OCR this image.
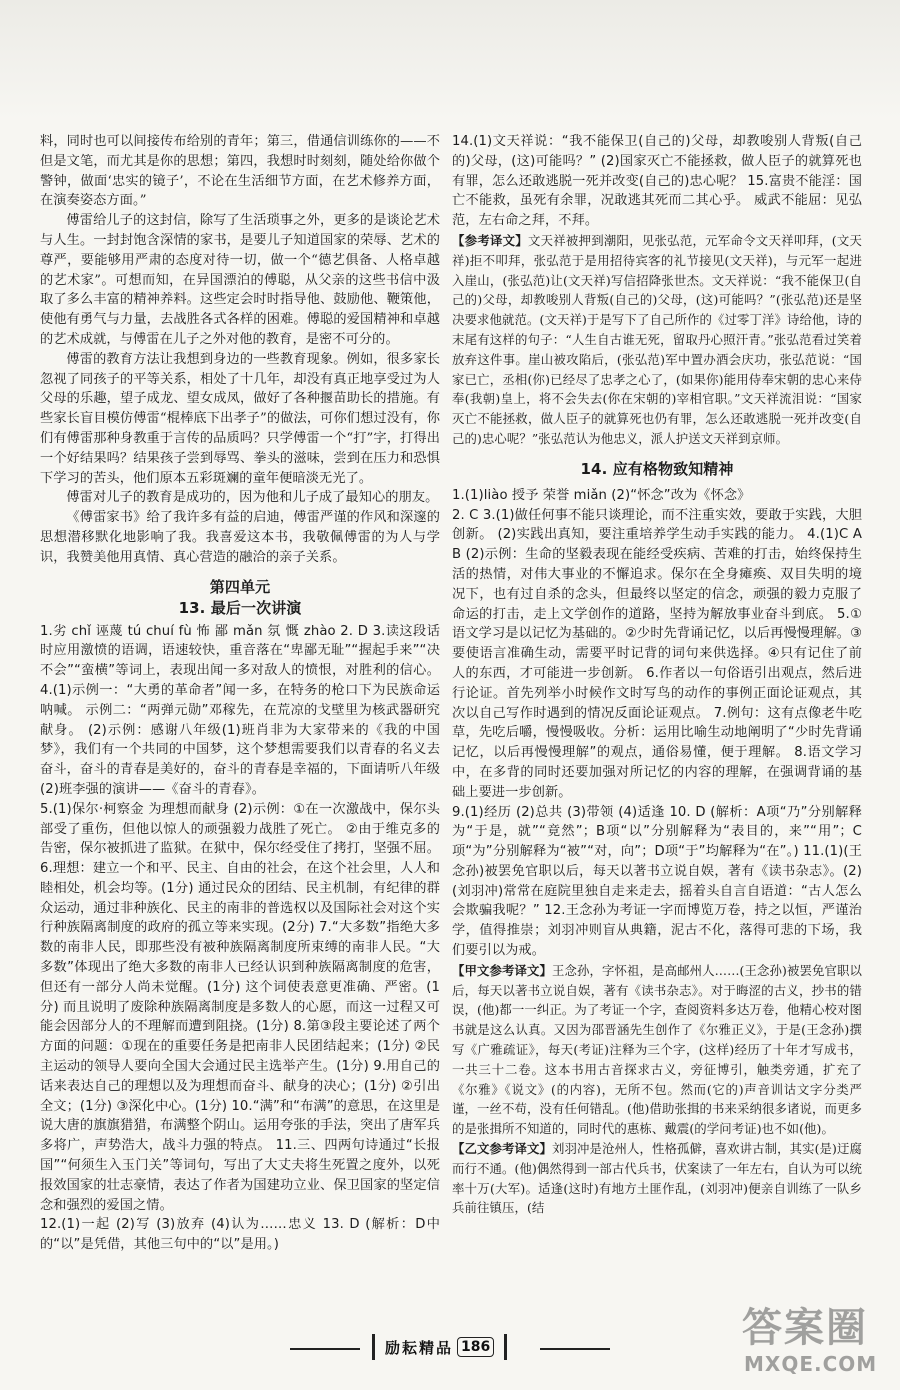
料，同时也可以间接传布给别的青年；第三，借通信训练你的——不但是文笔，而尤其是你的思想；第四，我想时时刻刻，随处给你做个警钟，做面‘忠实的镜子’，不论在生活细节方面，在艺术修养方面，在演奏姿态方面。”

傅雷给儿子的这封信，除写了生活琐事之外，更多的是谈论艺术与人生。一封封饱含深情的家书，是要儿子知道国家的荣辱、艺术的尊严，要能够用严肃的态度对待一切，做一个“德艺俱备、人格卓越的艺术家”。可想而知，在异国漂泊的傅聪，从父亲的这些书信中汲取了多么丰富的精神养料。这些定会时时指导他、鼓励他、鞭策他，使他有勇气与力量，去战胜各式各样的困难。傅聪的爱国精神和卓越的艺术成就，与傅雷在儿子之外对他的教育，是密不可分的。

傅雷的教育方法让我想到身边的一些教育现象。例如，很多家长忽视了同孩子的平等关系，相处了十几年，却没有真正地享受过为人父母的乐趣，望子成龙、望女成凤，做好了各种揠苗助长的措施。有些家长盲目模仿傅雷“棍棒底下出孝子”的做法，可你们想过没有，你们有傅雷那种身教重于言传的品质吗？只学傅雷一个“打”字，打得出一个好结果吗？结果孩子尝到辱骂、拳头的滋味，尝到在压力和恐惧下学习的苦头，他们原本五彩斑斓的童年便暗淡无光了。

傅雷对儿子的教育是成功的，因为他和儿子成了最知心的朋友。

《傅雷家书》给了我许多有益的启迪，傅雷严谨的作风和深邃的思想潜移默化地影响了我。我喜爱这本书，我敬佩傅雷的为人与学识，我赞美他用真情、真心营造的融洽的亲子关系。

第四单元
13. 最后一次讲演

1.劣 chǐ 诬蔑 tú chuí fù 怖 鄙 mǎn 氛 慨 zhào 2. D 3.读这段话时应用激愤的语调，语速较快，重音落在“卑鄙无耻”“握起手来”“决不会”“蛮横”等词上，表现出闻一多对敌人的愤恨，对胜利的信心。 4.(1)示例一：“大勇的革命者”闻一多，在特务的枪口下为民族命运呐喊。 示例二：“两弹元勋”邓稼先，在荒凉的戈壁里为核武器研究献身。 (2)示例：感谢八年级(1)班肖非为大家带来的《我的中国梦》，我们有一个共同的中国梦，这个梦想需要我们以青春的名义去奋斗，奋斗的青春是美好的，奋斗的青春是幸福的，下面请听八年级(2)班李强的演讲——《奋斗的青春》。

5.(1)保尔·柯察金 为理想而献身 (2)示例：①在一次激战中，保尔头部受了重伤，但他以惊人的顽强毅力战胜了死亡。 ②由于维克多的告密，保尔被抓进了监狱。在狱中，保尔经受住了拷打，坚强不屈。 6.理想：建立一个和平、民主、自由的社会，在这个社会里，人人和睦相处，机会均等。(1分) 通过民众的团结、民主机制，有纪律的群众运动，通过非种族化、民主的南非的普选权以及国际社会对这个实行种族隔离制度的政府的孤立等来实现。(2分) 7.“大多数”指绝大多数的南非人民，即那些没有被种族隔离制度所束缚的南非人民。“大多数”体现出了绝大多数的南非人已经认识到种族隔离制度的危害，但还有一部分人尚未觉醒。(1分) 这个词使表意更准确、严密。(1分) 而且说明了废除种族隔离制度是多数人的心愿，而这一过程又可能会因部分人的不理解而遭到阻挠。(1分) 8.第③段主要论述了两个方面的问题：①现在的重要任务是把南非人民团结起来；(1分) ②民主运动的领导人要向全国大会通过民主选举产生。(1分) 9.用自己的话来表达自己的理想以及为理想而奋斗、献身的决心；(1分) ②引出全文；(1分) ③深化中心。(1分) 10.“满”和“布满”的意思，在这里是说大唐的旗旗猎猎，布满整个阴山。运用夸张的手法，突出了唐军兵多将广，声势浩大，战斗力强的特点。 11.三、四两句诗通过“长报国”“何须生入玉门关”等词句，写出了大丈夫将生死置之度外，以死报效国家的壮志豪情，表达了作者为国建功立业、保卫国家的坚定信念和强烈的爱国之情。

12.(1)一起 (2)写 (3)放弃 (4)认为……忠义 13. D (解析：D中的“以”是凭借，其他三句中的“以”是用。)

14.(1)文天祥说：“我不能保卫(自己的)父母，却教唆别人背叛(自己的)父母，(这)可能吗？” (2)国家灭亡不能拯救，做人臣子的就算死也有罪，怎么还敢逃脱一死并改变(自己的)忠心呢？ 15.富贵不能淫：国亡不能救，虽死有余罪，况敢逃其死而二其心乎。 威武不能屈：见弘范，左右命之拜，不拜。

【参考译文】文天祥被押到潮阳，见张弘范，元军命令文天祥叩拜，(文天祥)拒不叩拜，张弘范于是用招待宾客的礼节接见(文天祥)，与元军一起进入崖山，(张弘范)让(文天祥)写信招降张世杰。文天祥说：“我不能保卫(自己的)父母，却教唆别人背叛(自己的)父母，(这)可能吗？”(张弘范)还是坚决要求他就范。(文天祥)于是写下了自己所作的《过零丁洋》诗给他，诗的末尾有这样的句子：“人生自古谁无死，留取丹心照汗青。”张弘范看过笑着放弃这件事。崖山被攻陷后，(张弘范)军中置办酒会庆功，张弘范说：“国家已亡，丞相(你)已经尽了忠孝之心了，(如果你)能用侍奉宋朝的忠心来侍奉(我朝)皇上，将不会失去(你在宋朝的)宰相官职。”文天祥流泪说：“国家灭亡不能拯救，做人臣子的就算死也仍有罪，怎么还敢逃脱一死并改变(自己的)忠心呢？”张弘范认为他忠义，派人护送文天祥到京师。

14. 应有格物致知精神

1.(1)liào 授予 荣誉 miǎn (2)“怀念”改为《怀念》

2. C 3.(1)做任何事不能只谈理论，而不注重实效，要敢于实践，大胆创新。 (2)实践出真知，要注重培养学生动手实践的能力。 4.(1)C A B (2)示例：生命的坚毅表现在能经受疾病、苦难的打击，始终保持生活的热情，对伟大事业的不懈追求。保尔在全身瘫痪、双目失明的境况下，也有过自杀的念头，但最终以坚定的信念，顽强的毅力克服了命运的打击，走上文学创作的道路，坚持为解放事业奋斗到底。 5.①语文学习是以记忆为基础的。②少时先背诵记忆，以后再慢慢理解。③要使语言准确生动，需要平时记背的词句来供选择。④只有记住了前人的东西，才可能进一步创新。 6.作者以一句俗语引出观点，然后进行论证。首先列举小时候作文时写鸟的动作的事例正面论证观点，其次以自己写作时遇到的情况反面论证观点。 7.例句：这有点像老牛吃草，先吃后嚼，慢慢吸收。分析：运用比喻生动地阐明了“少时先背诵记忆，以后再慢慢理解”的观点，通俗易懂，便于理解。 8.语文学习中，在多背的同时还要加强对所记忆的内容的理解，在强调背诵的基础上要进一步创新。

9.(1)经历 (2)总共 (3)带领 (4)适逢 10. D (解析：A项“乃”分别解释为“于是，就”“竟然”；B项“以”分别解释为“表目的，来”“用”；C项“为”分别解释为“被”“对，向”；D项“于”均解释为“在”。) 11.(1)(王念孙)被罢免官职以后，每天以著书立说自娱，著有《读书杂志》。(2)(刘羽冲)常常在庭院里独自走来走去，摇着头自言自语道：“古人怎么会欺骗我呢？” 12.王念孙为考证一字而博览万卷，持之以恒，严谨治学，值得推崇；刘羽冲则盲从典籍，泥古不化，落得可悲的下场，我们要引以为戒。

【甲文参考译文】王念孙，字怀祖，是高邮州人……(王念孙)被罢免官职以后，每天以著书立说自娱，著有《读书杂志》。对于晦涩的古义，抄书的错误，(他)都一一纠正。为了考证一个字，查阅资料多达万卷，他精心校对图书就是这么认真。又因为邵晋涵先生创作了《尔雅正义》，于是(王念孙)撰写《广雅疏证》，每天(考证)注释为三个字，(这样)经历了十年才写成书，一共三十二卷。这本书用古音探求古义，旁征博引，触类旁通，扩充了《尔雅》《说文》(的内容)，无所不包。然而(它的)声音训诂文字分类严谨，一丝不苟，没有任何错乱。(他)借助张揖的书来采纳很多诸说，而更多的是张揖所不知道的，同时代的惠栋、戴震(的学问考证)也不如(他)。

【乙文参考译文】刘羽冲是沧州人，性格孤僻，喜欢讲古制，其实(是)迂腐而行不通。(他)偶然得到一部古代兵书，伏案读了一年左右，自认为可以统率十万(大军)。适逢(这时)有地方土匪作乱，(刘羽冲)便亲自训练了一队乡兵前往镇压，(结

励耘精品 186	答案圈
MXQE.COM
